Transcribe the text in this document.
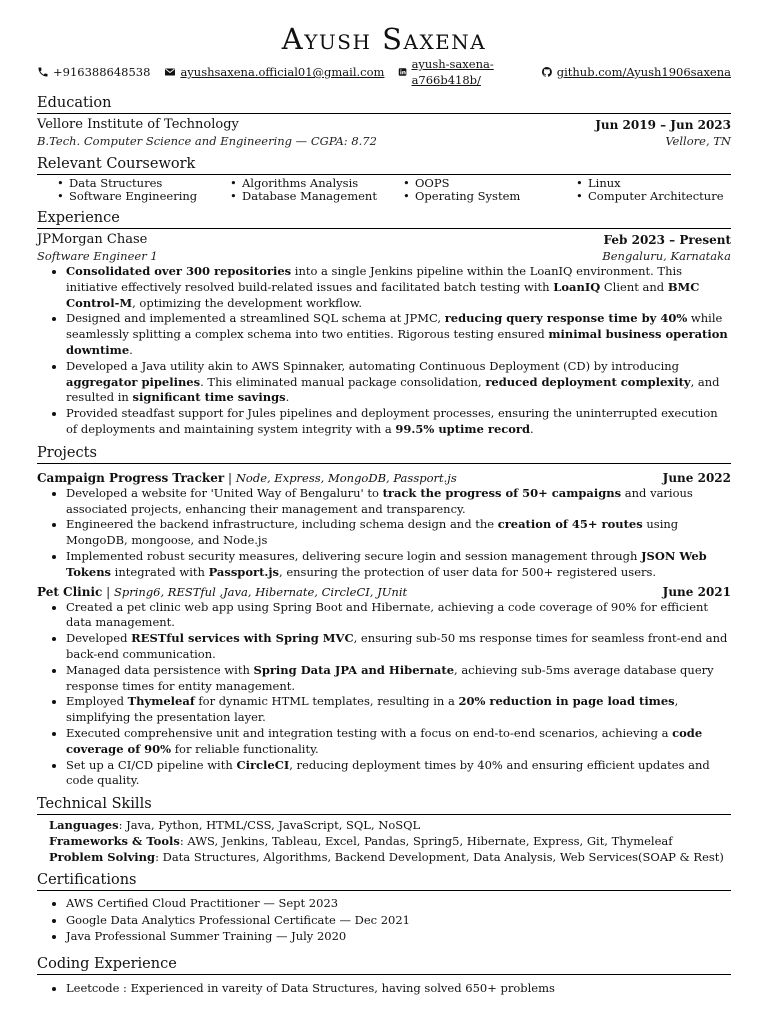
Ayush Saxena
+916388648538	ayushsaxena.official01@gmail.com
ayush-saxena-a766b418b/
github.com/Ayush1906saxena
Education
Vellore Institute of Technology	Jun 2019 – Jun 2023
B.Tech. Computer Science and Engineering — CGPA: 8.72	Vellore, TN
Relevant Coursework
• Data Structures	• Algorithms Analysis	• OOPS	• Linux
• Software Engineering	• Database Management	• Operating System	• Computer Architecture
Experience
JPMorgan Chase	Feb 2023 – Present
Software Engineer 1	Bengaluru, Karnataka
• Consolidated over 300 repositories into a single Jenkins pipeline within the LoanIQ environment. This initiative effectively resolved build-related issues and facilitated batch testing with LoanIQ Client and BMC Control-M, optimizing the development workflow.
• Designed and implemented a streamlined SQL schema at JPMC, reducing query response time by 40% while seamlessly splitting a complex schema into two entities. Rigorous testing ensured minimal business operation downtime.
• Developed a Java utility akin to AWS Spinnaker, automating Continuous Deployment (CD) by introducing aggregator pipelines. This eliminated manual package consolidation, reduced deployment complexity, and resulted in significant time savings.
• Provided steadfast support for Jules pipelines and deployment processes, ensuring the uninterrupted execution of deployments and maintaining system integrity with a 99.5% uptime record.
Projects
Campaign Progress Tracker | Node, Express, MongoDB, Passport.js	June 2022
• Developed a website for 'United Way of Bengaluru' to track the progress of 50+ campaigns and various associated projects, enhancing their management and transparency.
• Engineered the backend infrastructure, including schema design and the creation of 45+ routes using MongoDB, mongoose, and Node.js
• Implemented robust security measures, delivering secure login and session management through JSON Web Tokens integrated with Passport.js, ensuring the protection of user data for 500+ registered users.
Pet Clinic | Spring6, RESTful ,Java, Hibernate, CircleCI, JUnit	June 2021
• Created a pet clinic web app using Spring Boot and Hibernate, achieving a code coverage of 90% for efficient data management.
• Developed RESTful services with Spring MVC, ensuring sub-50 ms response times for seamless front-end and back-end communication.
• Managed data persistence with Spring Data JPA and Hibernate, achieving sub-5ms average database query response times for entity management.
• Employed Thymeleaf for dynamic HTML templates, resulting in a 20% reduction in page load times, simplifying the presentation layer.
• Executed comprehensive unit and integration testing with a focus on end-to-end scenarios, achieving a code coverage of 90% for reliable functionality.
• Set up a CI/CD pipeline with CircleCI, reducing deployment times by 40% and ensuring efficient updates and code quality.
Technical Skills
Languages: Java, Python, HTML/CSS, JavaScript, SQL, NoSQL
Frameworks & Tools: AWS, Jenkins, Tableau, Excel, Pandas, Spring5, Hibernate, Express, Git, Thymeleaf
Problem Solving: Data Structures, Algorithms, Backend Development, Data Analysis, Web Services(SOAP & Rest)
Certifications
• AWS Certified Cloud Practitioner — Sept 2023
• Google Data Analytics Professional Certificate — Dec 2021
• Java Professional Summer Training — July 2020
Coding Experience
• Leetcode : Experienced in vareity of Data Structures, having solved 650+ problems
